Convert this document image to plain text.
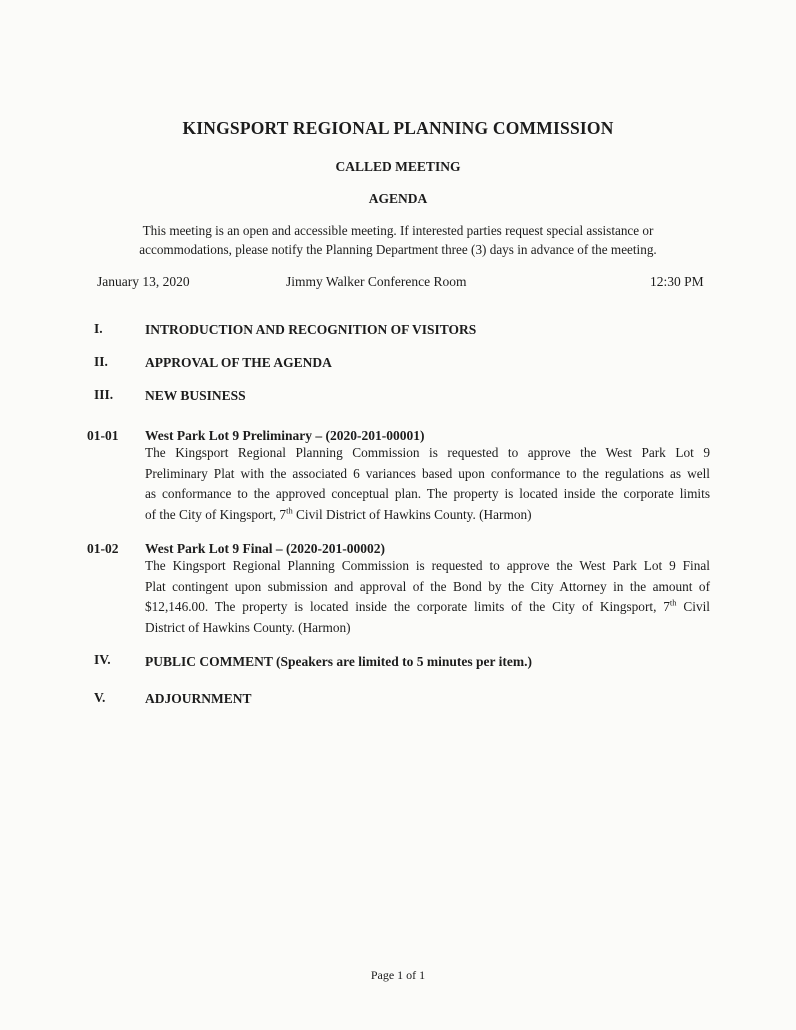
KINGSPORT REGIONAL PLANNING COMMISSION
CALLED MEETING
AGENDA
This meeting is an open and accessible meeting. If interested parties request special assistance or
accommodations, please notify the Planning Department three (3) days in advance of the meeting.
January 13, 2020	Jimmy Walker Conference Room	12:30 PM
I.	INTRODUCTION AND RECOGNITION OF VISITORS
II.	APPROVAL OF THE AGENDA
III. NEW BUSINESS
01-01 West Park Lot 9 Preliminary – (2020-201-00001)
The Kingsport Regional Planning Commission is requested to approve the West Park Lot 9
Preliminary Plat with the associated 6 variances based upon conformance to the regulations as well
as conformance to the approved conceptual plan. The property is located inside the corporate limits
of the City of Kingsport, 7th Civil District of Hawkins County. (Harmon)
01-02 West Park Lot 9 Final – (2020-201-00002)
The Kingsport Regional Planning Commission is requested to approve the West Park Lot 9 Final
Plat contingent upon submission and approval of the Bond by the City Attorney in the amount of
$12,146.00. The property is located inside the corporate limits of the City of Kingsport, 7th Civil
District of Hawkins County. (Harmon)
IV.	PUBLIC COMMENT (Speakers are limited to 5 minutes per item.)
V.	ADJOURNMENT
Page 1 of 1
